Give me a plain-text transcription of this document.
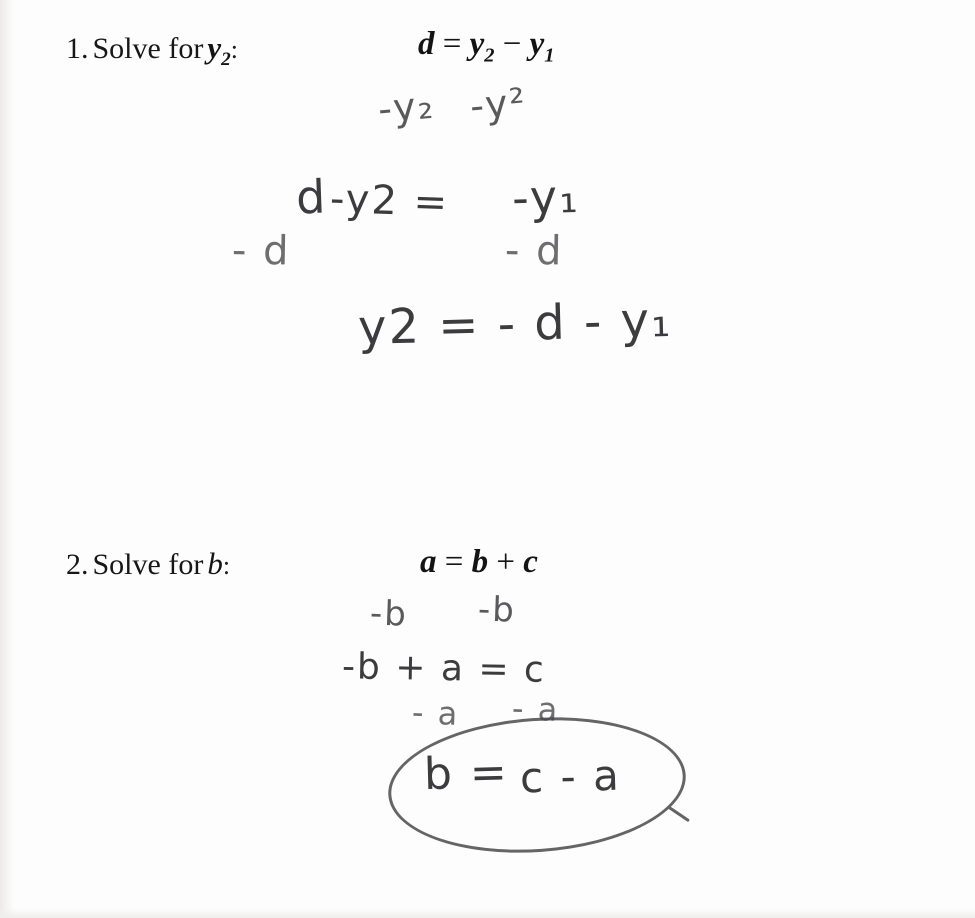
1. Solve for $y_2$:	$d = y_2 - y_1$
-y₂ -y²
d -y2 = -y₁
- d	- d
y2 = - d - y₁
2. Solve for b:	a = b + c
-b -b
-b + a = c
- a - a
b = c - a
